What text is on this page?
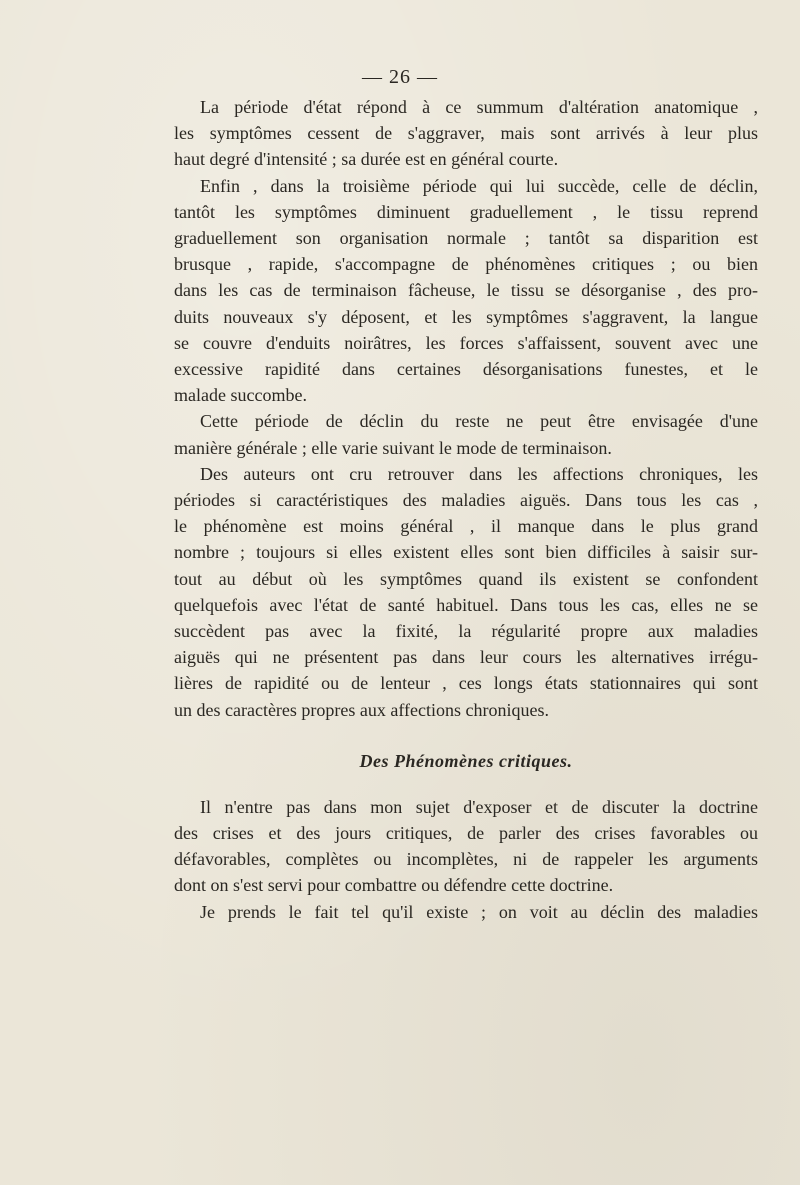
— 26 —

La période d'état répond à ce summum d'altération anatomique ,
les symptômes cessent de s'aggraver, mais sont arrivés à leur plus
haut degré d'intensité ; sa durée est en général courte.

Enfin , dans la troisième période qui lui succède, celle de déclin,
tantôt les symptômes diminuent graduellement , le tissu reprend
graduellement son organisation normale ; tantôt sa disparition est
brusque , rapide, s'accompagne de phénomènes critiques ; ou bien
dans les cas de terminaison fâcheuse, le tissu se désorganise , des pro-
duits nouveaux s'y déposent, et les symptômes s'aggravent, la langue
se couvre d'enduits noirâtres, les forces s'affaissent, souvent avec une
excessive rapidité dans certaines désorganisations funestes, et le
malade succombe.

Cette période de déclin du reste ne peut être envisagée d'une
manière générale ; elle varie suivant le mode de terminaison.

Des auteurs ont cru retrouver dans les affections chroniques, les
périodes si caractéristiques des maladies aiguës. Dans tous les cas ,
le phénomène est moins général , il manque dans le plus grand
nombre ; toujours si elles existent elles sont bien difficiles à saisir sur-
tout au début où les symptômes quand ils existent se confondent
quelquefois avec l'état de santé habituel. Dans tous les cas, elles ne se
succèdent pas avec la fixité, la régularité propre aux maladies
aiguës qui ne présentent pas dans leur cours les alternatives irrégu-
lières de rapidité ou de lenteur , ces longs états stationnaires qui sont
un des caractères propres aux affections chroniques.

Des Phénomènes critiques.

Il n'entre pas dans mon sujet d'exposer et de discuter la doctrine
des crises et des jours critiques, de parler des crises favorables ou
défavorables, complètes ou incomplètes, ni de rappeler les arguments
dont on s'est servi pour combattre ou défendre cette doctrine.

Je prends le fait tel qu'il existe ; on voit au déclin des maladies
